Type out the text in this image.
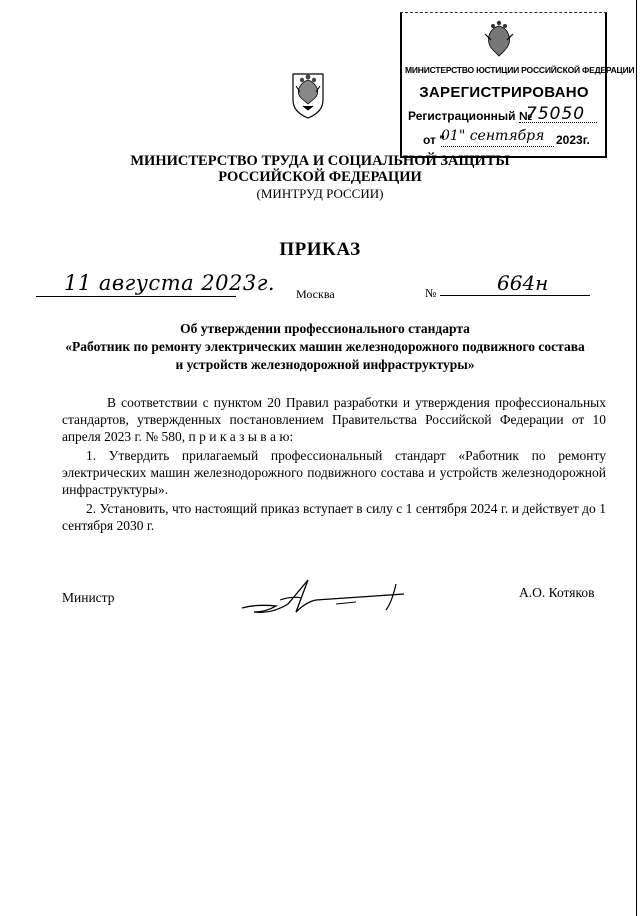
МИНИСТЕРСТВО ЮСТИЦИИ РОССИЙСКОЙ ФЕДЕРАЦИИ
ЗАРЕГИСТРИРОВАНО
Регистрационный №
75050
от "
01" сентября 2023г.
МИНИСТЕРСТВО ТРУДА И СОЦИАЛЬНОЙ ЗАЩИТЫ РОССИЙСКОЙ ФЕДЕРАЦИИ
(МИНТРУД РОССИИ)
ПРИКАЗ
11 августа 2023г. Москва	№	664н
Об утверждении профессионального стандарта
«Работник по ремонту электрических машин железнодорожного подвижного состава и устройств железнодорожной инфраструктуры»
В соответствии с пунктом 20 Правил разработки и утверждения профессиональных стандартов, утвержденных постановлением Правительства Российской Федерации от 10 апреля 2023 г. № 580, п р и к а з ы в а ю:
1. Утвердить прилагаемый профессиональный стандарт «Работник по ремонту электрических машин железнодорожного подвижного состава и устройств железнодорожной инфраструктуры».
2. Установить, что настоящий приказ вступает в силу с 1 сентября 2024 г. и действует до 1 сентября 2030 г.
Министр	А.О. Котяков
